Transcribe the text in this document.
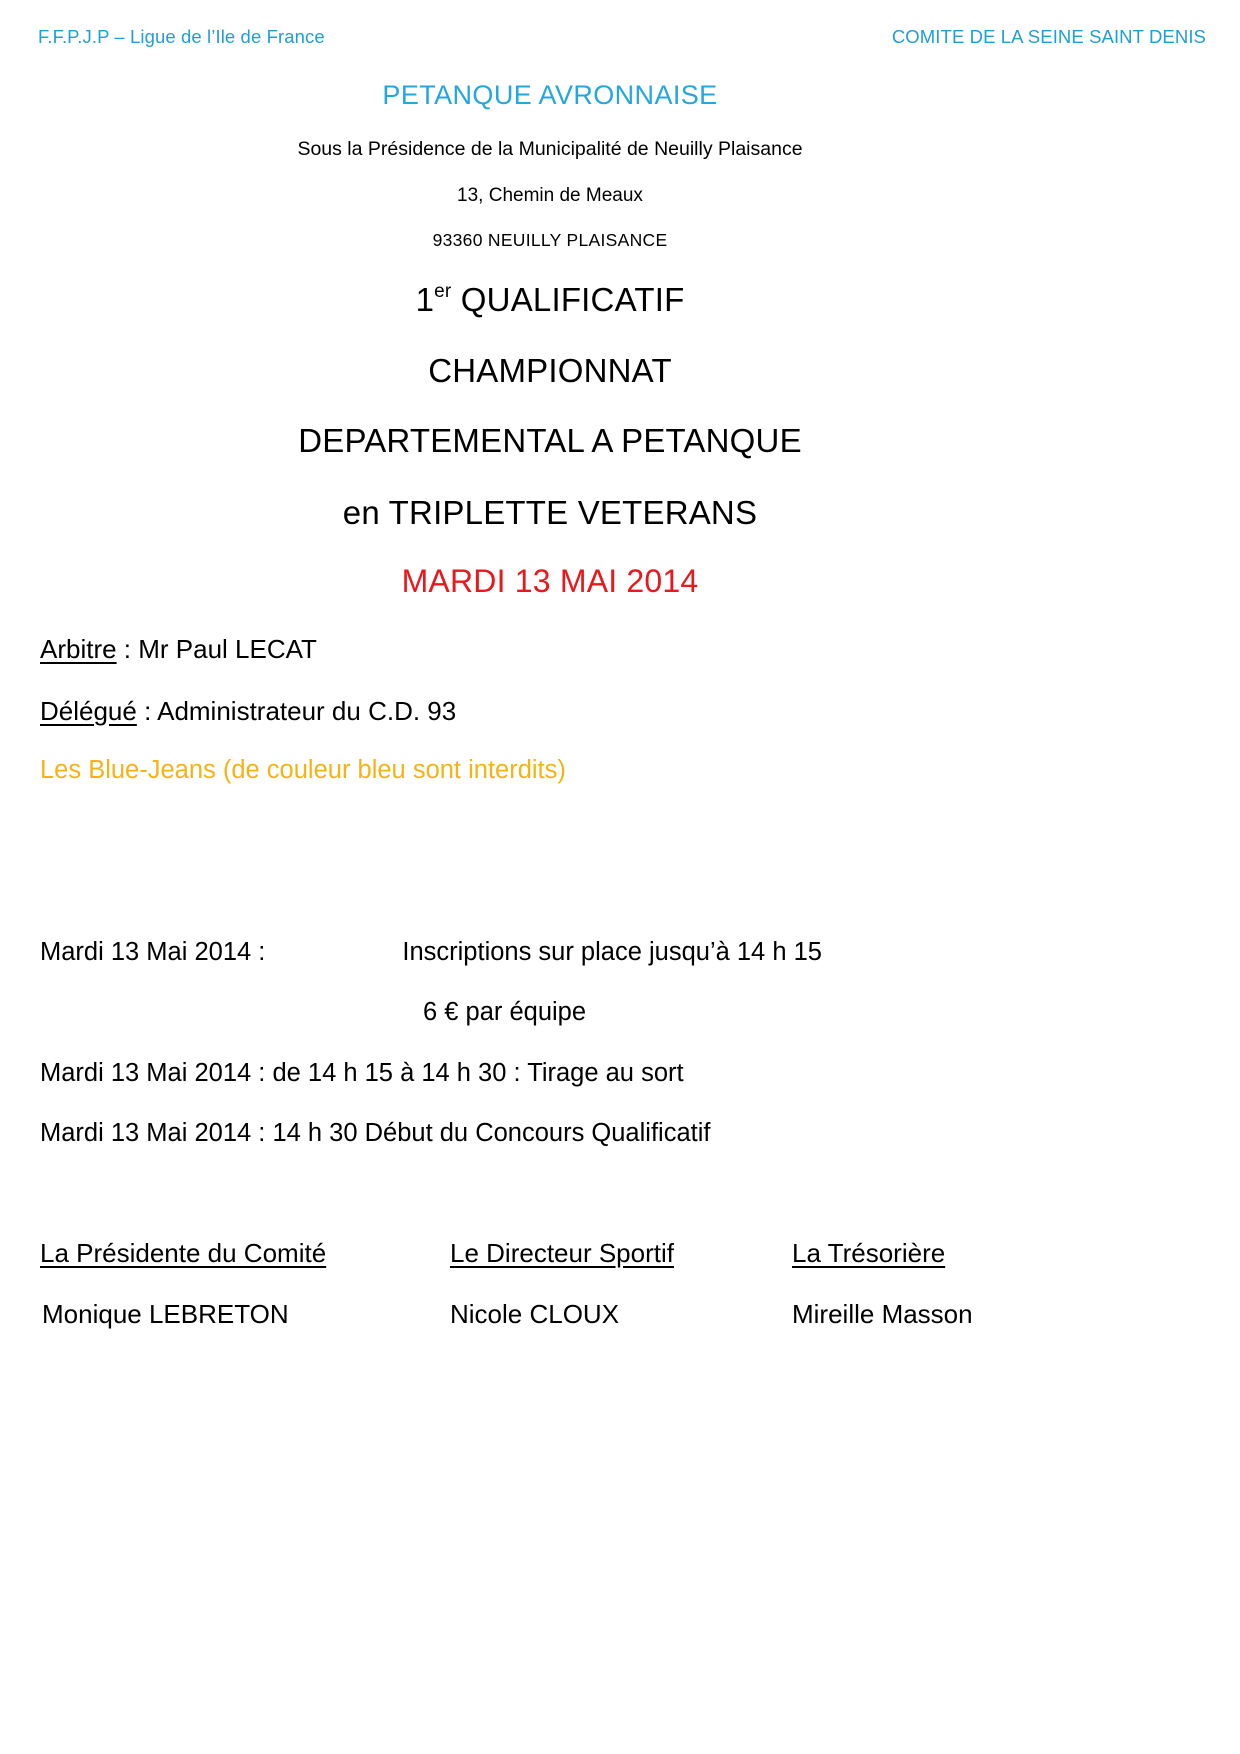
F.F.P.J.P – Ligue de l’Ile de France	COMITE DE LA SEINE SAINT DENIS
PETANQUE AVRONNAISE
Sous la Présidence de la Municipalité de Neuilly Plaisance
13, Chemin de Meaux
93360 NEUILLY PLAISANCE
1er QUALIFICATIF
CHAMPIONNAT
DEPARTEMENTAL A PETANQUE
en TRIPLETTE VETERANS
MARDI 13 MAI 2014
Arbitre : Mr Paul LECAT
Délégué : Administrateur du C.D. 93
Les Blue-Jeans (de couleur bleu sont interdits)
Mardi 13 Mai 2014 :	Inscriptions sur place jusqu’à 14 h 15
6 € par équipe
Mardi 13 Mai 2014 : de 14 h 15 à 14 h 30 : Tirage au sort
Mardi 13 Mai 2014 : 14 h 30 Début du Concours Qualificatif
La Présidente du Comité	Le Directeur Sportif	La Trésorière
Monique LEBRETON	Nicole CLOUX	Mireille Masson
